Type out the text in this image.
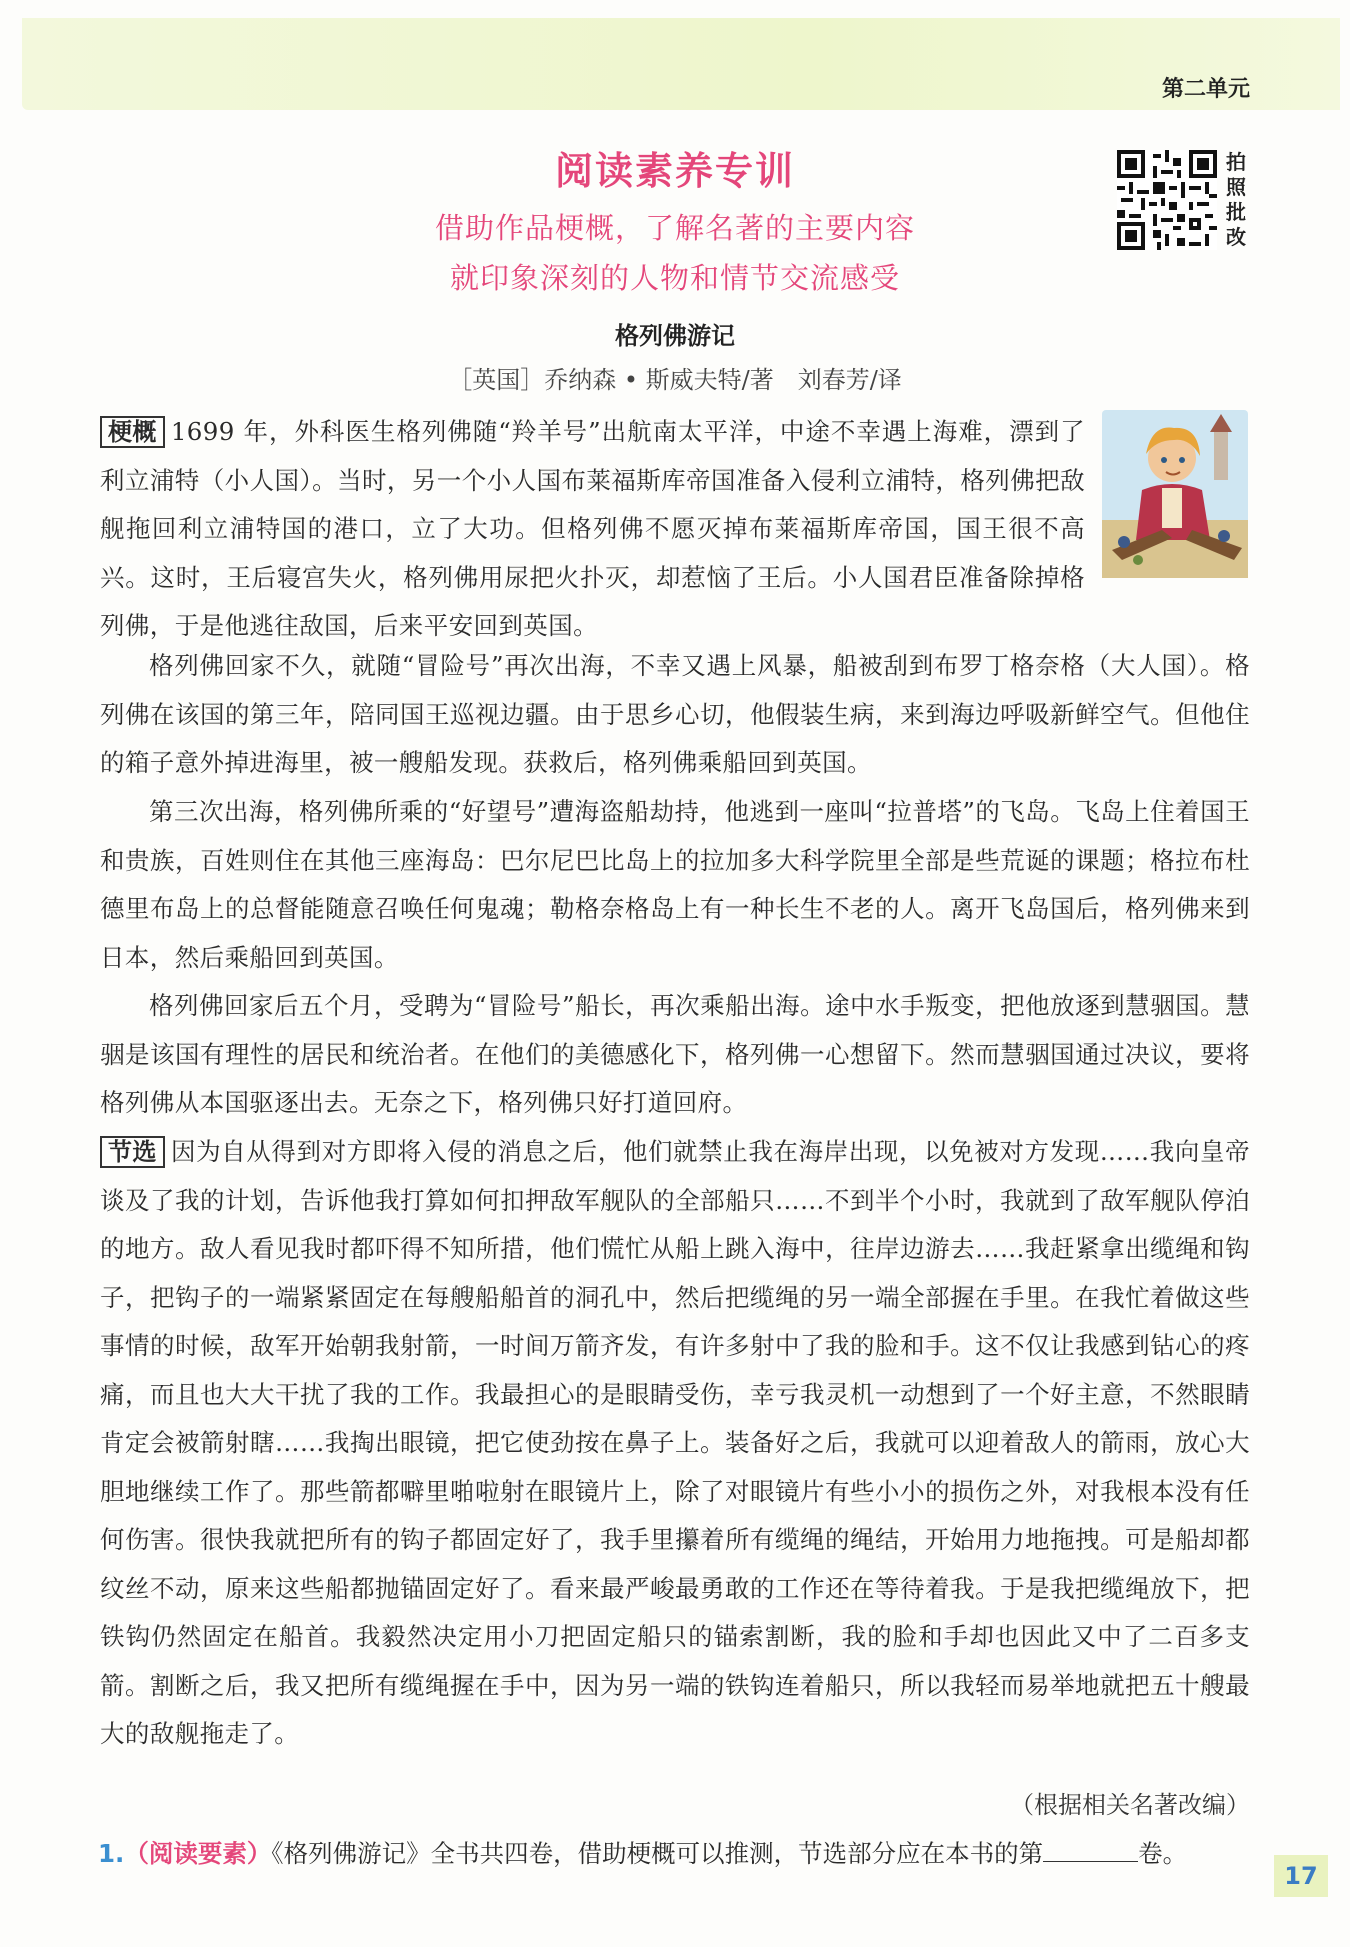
第二单元
阅读素养专训
借助作品梗概，了解名著的主要内容
就印象深刻的人物和情节交流感受
拍
照
批
改
格列佛游记
［英国］乔纳森 • 斯威夫特/著　刘春芳/译

梗概 1699 年，外科医生格列佛随“羚羊号”出航南太平洋，中途不幸遇上海难，漂到了利立浦特（小人国）。当时，另一个小人国布莱福斯库帝国准备入侵利立浦特，格列佛把敌舰拖回利立浦特国的港口，立了大功。但格列佛不愿灭掉布莱福斯库帝国，国王很不高兴。这时，王后寝宫失火，格列佛用尿把火扑灭，却惹恼了王后。小人国君臣准备除掉格列佛，于是他逃往敌国，后来平安回到英国。

格列佛回家不久，就随“冒险号”再次出海，不幸又遇上风暴，船被刮到布罗丁格奈格（大人国）。格列佛在该国的第三年，陪同国王巡视边疆。由于思乡心切，他假装生病，来到海边呼吸新鲜空气。但他住的箱子意外掉进海里，被一艘船发现。获救后，格列佛乘船回到英国。

第三次出海，格列佛所乘的“好望号”遭海盗船劫持，他逃到一座叫“拉普塔”的飞岛。飞岛上住着国王和贵族，百姓则住在其他三座海岛：巴尔尼巴比岛上的拉加多大科学院里全部是些荒诞的课题；格拉布杜德里布岛上的总督能随意召唤任何鬼魂；勒格奈格岛上有一种长生不老的人。离开飞岛国后，格列佛来到日本，然后乘船回到英国。

格列佛回家后五个月，受聘为“冒险号”船长，再次乘船出海。途中水手叛变，把他放逐到慧骃国。慧骃是该国有理性的居民和统治者。在他们的美德感化下，格列佛一心想留下。然而慧骃国通过决议，要将格列佛从本国驱逐出去。无奈之下，格列佛只好打道回府。

节选 因为自从得到对方即将入侵的消息之后，他们就禁止我在海岸出现，以免被对方发现……我向皇帝谈及了我的计划，告诉他我打算如何扣押敌军舰队的全部船只……不到半个小时，我就到了敌军舰队停泊的地方。敌人看见我时都吓得不知所措，他们慌忙从船上跳入海中，往岸边游去……我赶紧拿出缆绳和钩子，把钩子的一端紧紧固定在每艘船船首的洞孔中，然后把缆绳的另一端全部握在手里。在我忙着做这些事情的时候，敌军开始朝我射箭，一时间万箭齐发，有许多射中了我的脸和手。这不仅让我感到钻心的疼痛，而且也大大干扰了我的工作。我最担心的是眼睛受伤，幸亏我灵机一动想到了一个好主意，不然眼睛肯定会被箭射瞎……我掏出眼镜，把它使劲按在鼻子上。装备好之后，我就可以迎着敌人的箭雨，放心大胆地继续工作了。那些箭都噼里啪啦射在眼镜片上，除了对眼镜片有些小小的损伤之外，对我根本没有任何伤害。很快我就把所有的钩子都固定好了，我手里攥着所有缆绳的绳结，开始用力地拖拽。可是船却都纹丝不动，原来这些船都抛锚固定好了。看来最严峻最勇敢的工作还在等待着我。于是我把缆绳放下，把铁钩仍然固定在船首。我毅然决定用小刀把固定船只的锚索割断，我的脸和手却也因此又中了二百多支箭。割断之后，我又把所有缆绳握在手中，因为另一端的铁钩连着船只，所以我轻而易举地就把五十艘最大的敌舰拖走了。

（根据相关名著改编）
1.（阅读要素）《格列佛游记》全书共四卷，借助梗概可以推测，节选部分应在本书的第	卷。
17
